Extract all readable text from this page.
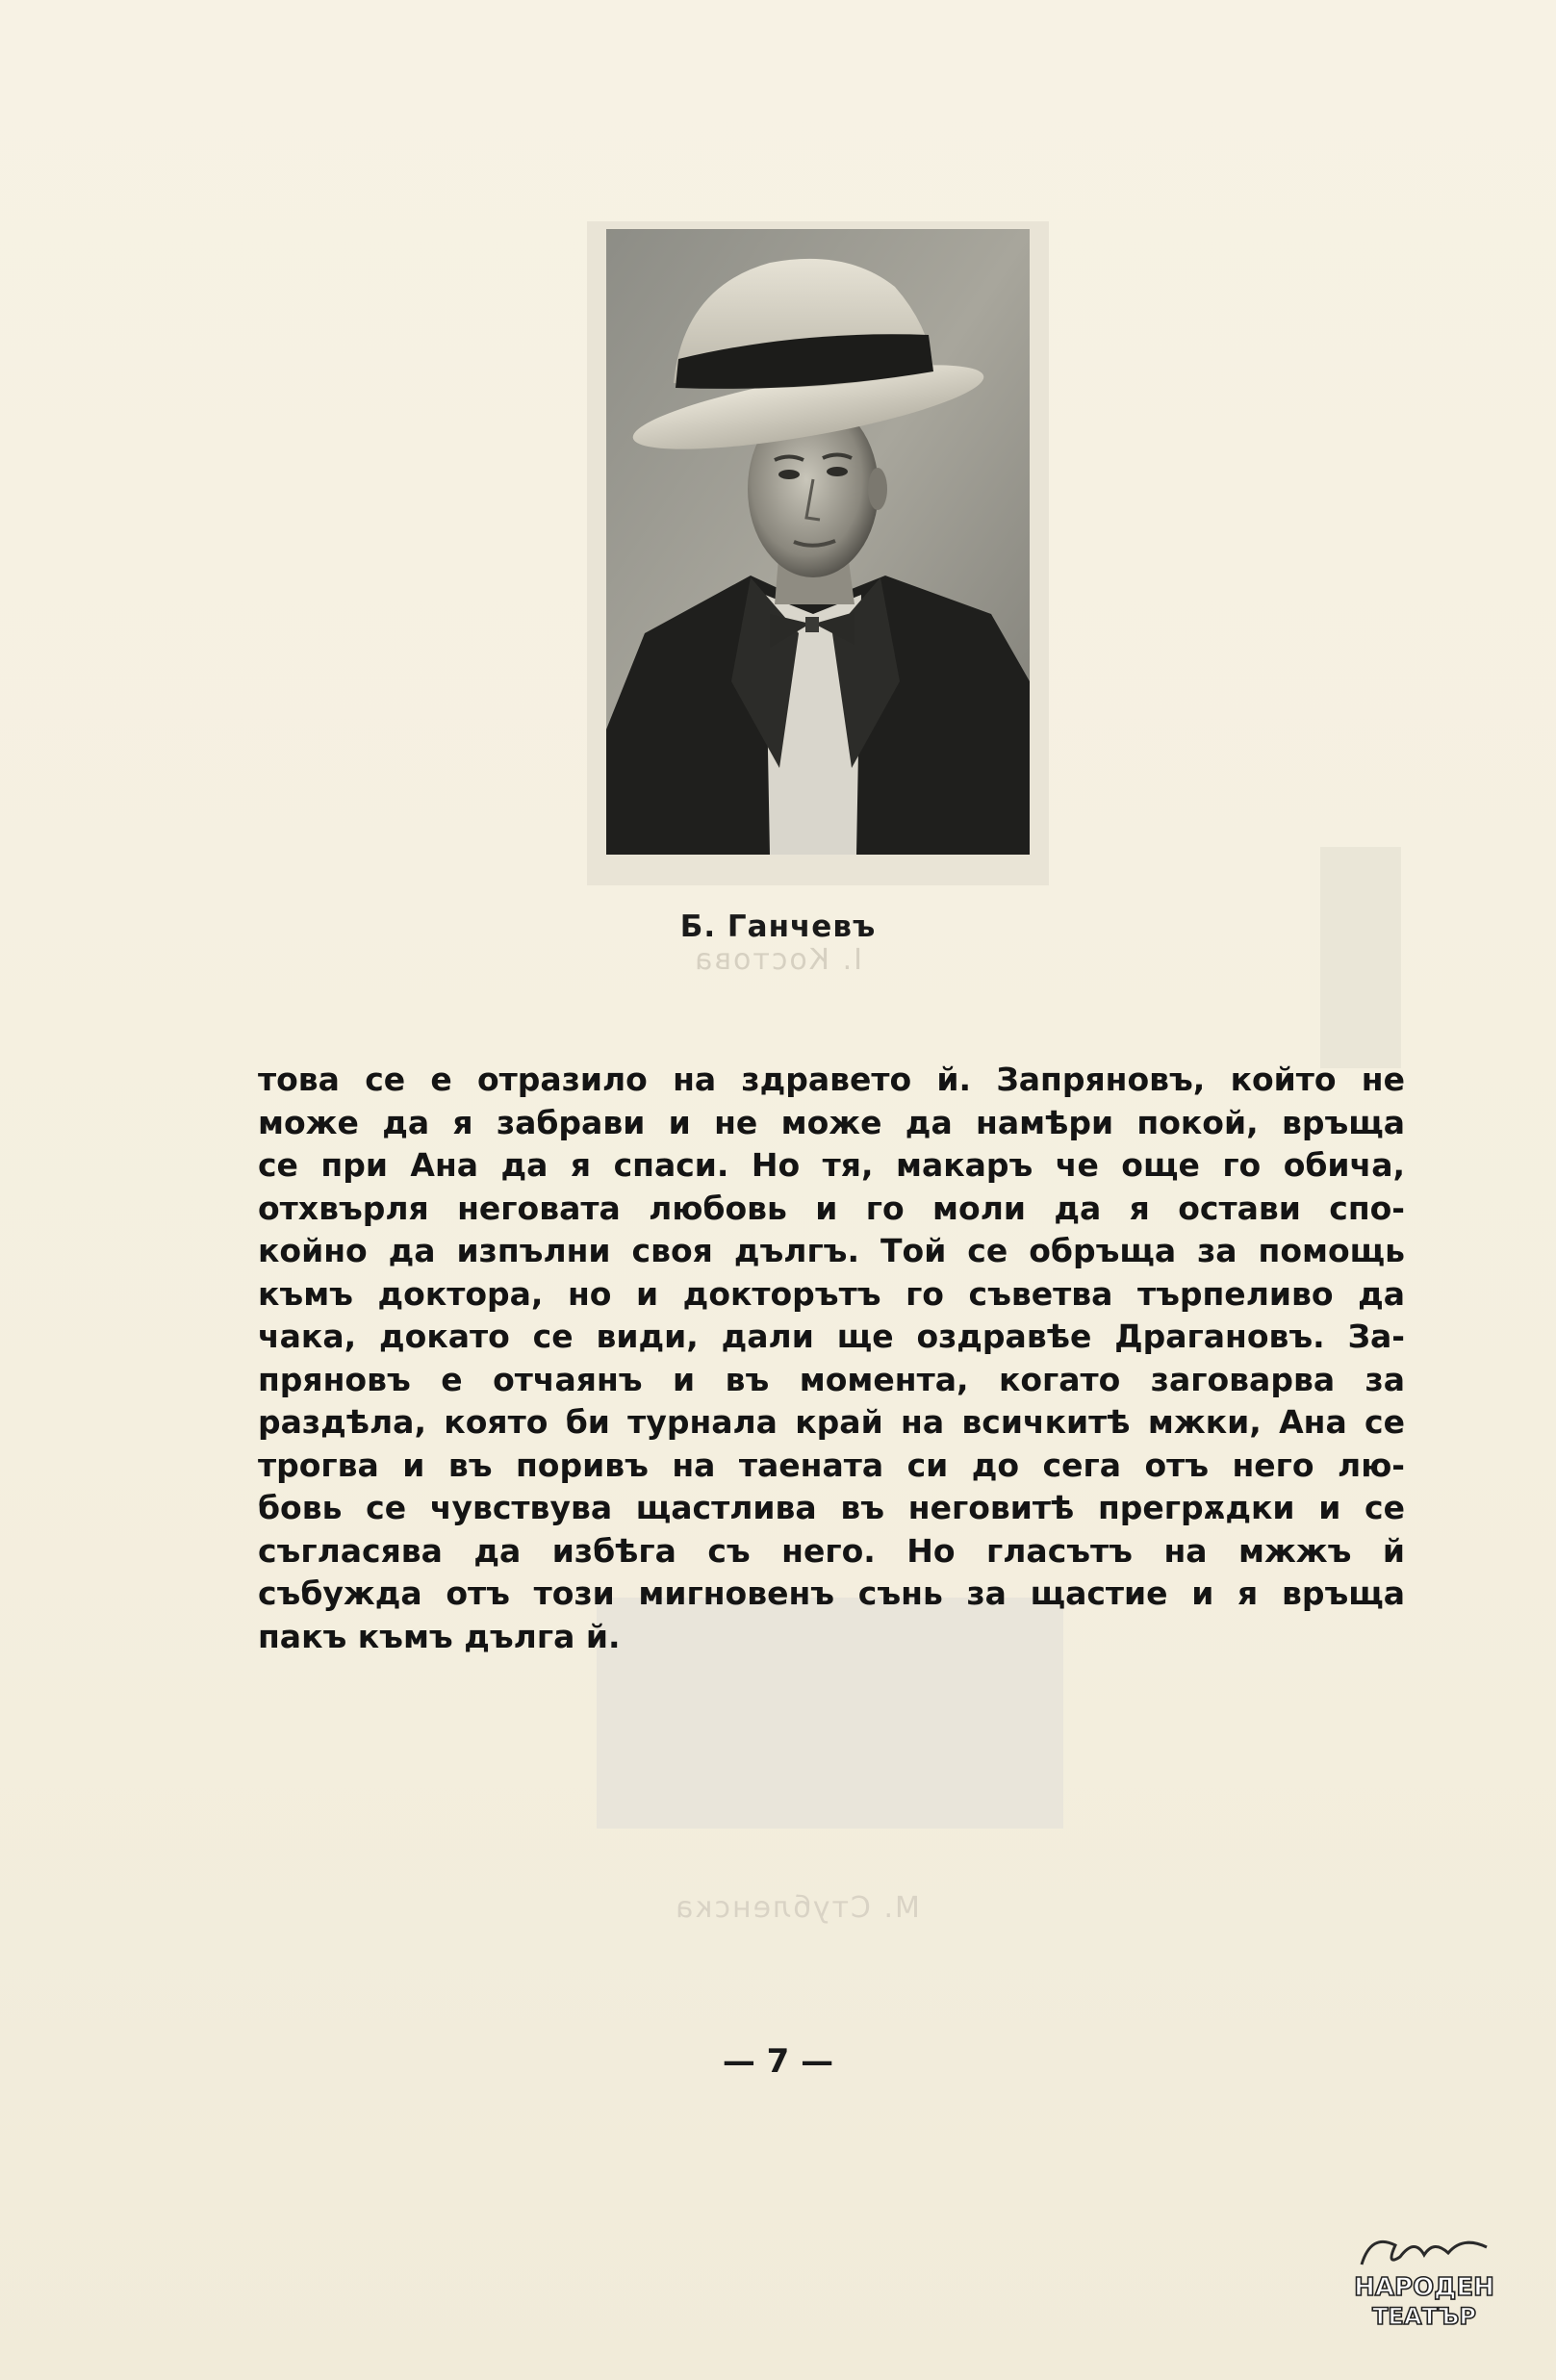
I. Костова
М. Стубленска
Б. Ганчевъ
това се е отразило на здравето й. Запряновъ, който не
може да я забрави и не може да намѣри покой, връща
се при Ана да я спаси. Но тя, макаръ че още го обича,
отхвърля неговата любовь и го моли да я остави спо-
койно да изпълни своя дългъ. Той се обръща за помощь
къмъ доктора, но и докторътъ го съветва търпеливо да
чака, докато се види, дали ще оздравѣе Драгановъ. За-
пряновъ е отчаянъ и въ момента, когато заговарва за
раздѣла, която би турнала край на всичкитѣ мжки, Ана се
трогва и въ поривъ на таената си до сега отъ него лю-
бовь се чувствува щастлива въ неговитѣ прегрѫдки и се
съгласява да избѣга съ него. Но гласътъ на мжжъ й
събужда отъ този мигновенъ сънь за щастие и я връща
пакъ къмъ дълга й.
— 7 —
НАРОДЕН
ТЕАТЪР
